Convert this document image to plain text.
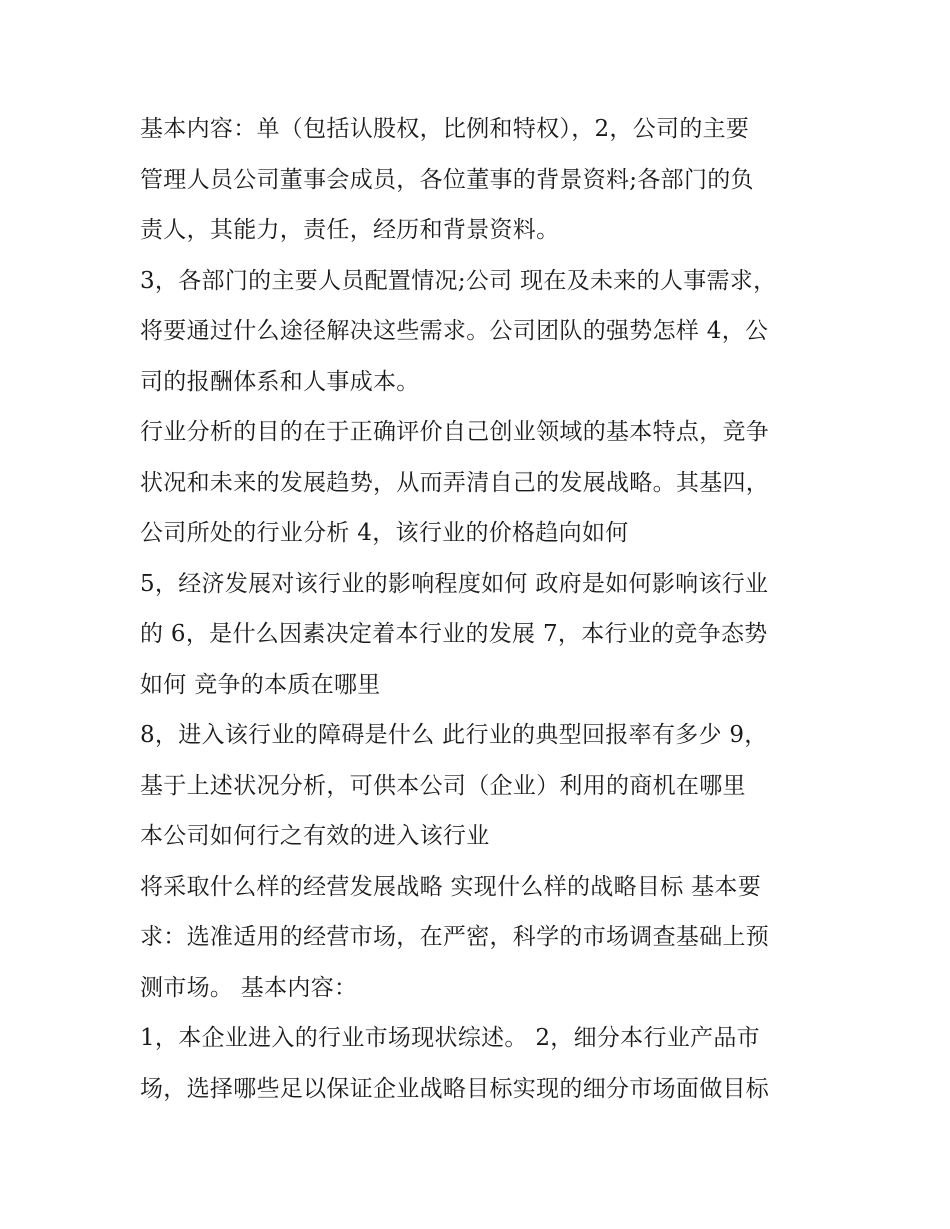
基本内容：单（包括认股权，比例和特权），2，公司的主要
管理人员公司董事会成员，各位董事的背景资料;各部门的负
责人，其能力，责任，经历和背景资料。
3，各部门的主要人员配置情况;公司 现在及未来的人事需求，
将要通过什么途径解决这些需求。公司团队的强势怎样 4，公
司的报酬体系和人事成本。
行业分析的目的在于正确评价自己创业领域的基本特点，竞争
状况和未来的发展趋势，从而弄清自己的发展战略。其基四，
公司所处的行业分析 4，该行业的价格趋向如何
5，经济发展对该行业的影响程度如何 政府是如何影响该行业
的 6，是什么因素决定着本行业的发展 7，本行业的竞争态势
如何 竞争的本质在哪里
8，进入该行业的障碍是什么 此行业的典型回报率有多少 9，
基于上述状况分析，可供本公司（企业）利用的商机在哪里
本公司如何行之有效的进入该行业
将采取什么样的经营发展战略 实现什么样的战略目标 基本要
求：选准适用的经营市场，在严密，科学的市场调查基础上预
测市场。 基本内容：
1，本企业进入的行业市场现状综述。 2，细分本行业产品市
场，选择哪些足以保证企业战略目标实现的细分市场面做目标
